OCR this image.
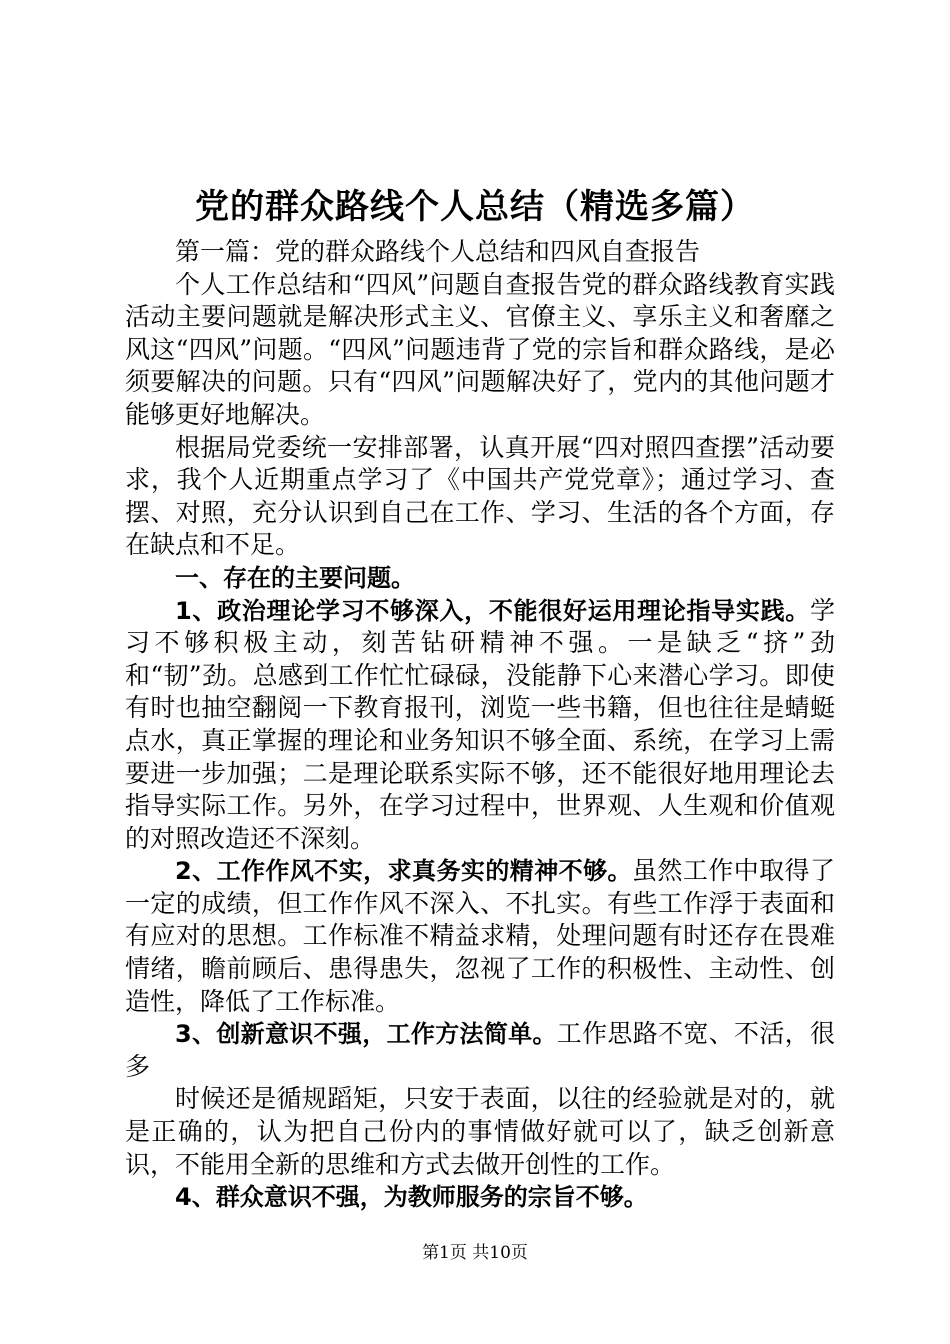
党的群众路线个人总结（精选多篇）

第一篇：党的群众路线个人总结和四风自查报告

个人工作总结和“四风”问题自查报告党的群众路线教育实践活动主要问题就是解决形式主义、官僚主义、享乐主义和奢靡之风这“四风”问题。“四风”问题违背了党的宗旨和群众路线，是必须要解决的问题。只有“四风”问题解决好了，党内的其他问题才能够更好地解决。

根据局党委统一安排部署，认真开展“四对照四查摆”活动要求，我个人近期重点学习了《中国共产党党章》；通过学习、查摆、对照，充分认识到自己在工作、学习、生活的各个方面，存在缺点和不足。

一、存在的主要问题。

1、政治理论学习不够深入，不能很好运用理论指导实践。学习不够积极主动，刻苦钻研精神不强。一是缺乏“挤”劲和“韧”劲。总感到工作忙忙碌碌，没能静下心来潜心学习。即使有时也抽空翻阅一下教育报刊，浏览一些书籍，但也往往是蜻蜓点水，真正掌握的理论和业务知识不够全面、系统，在学习上需要进一步加强；二是理论联系实际不够，还不能很好地用理论去指导实际工作。另外，在学习过程中，世界观、人生观和价值观的对照改造还不深刻。

2、工作作风不实，求真务实的精神不够。虽然工作中取得了一定的成绩，但工作作风不深入、不扎实。有些工作浮于表面和有应对的思想。工作标准不精益求精，处理问题有时还存在畏难情绪，瞻前顾后、患得患失，忽视了工作的积极性、主动性、创造性，降低了工作标准。

3、创新意识不强，工作方法简单。工作思路不宽、不活，很多

时候还是循规蹈矩，只安于表面，以往的经验就是对的，就是正确的，认为把自己份内的事情做好就可以了，缺乏创新意识，不能用全新的思维和方式去做开创性的工作。

4、群众意识不强，为教师服务的宗旨不够。

第1页 共10页
